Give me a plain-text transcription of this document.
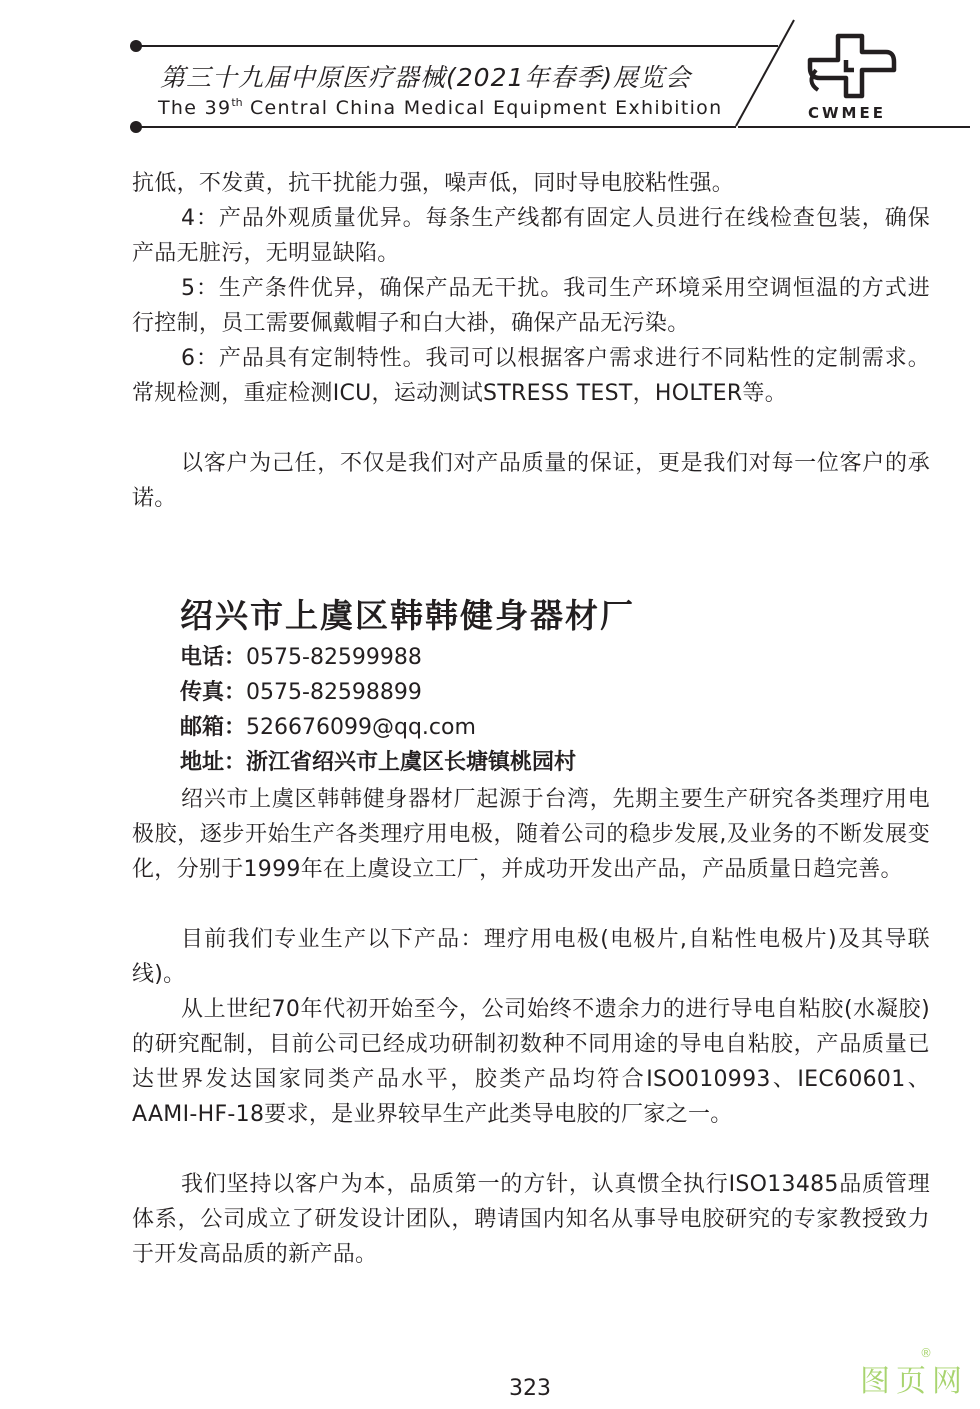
第三十九届中原医疗器械(2021年春季)展览会
The 39th Central China Medical Equipment Exhibition	CWMEE

抗低，不发黄，抗干扰能力强，噪声低，同时导电胶粘性强。

4：产品外观质量优异。每条生产线都有固定人员进行在线检查包装，确保产品无脏污，无明显缺陷。

5：生产条件优异，确保产品无干扰。我司生产环境采用空调恒温的方式进行控制，员工需要佩戴帽子和白大褂，确保产品无污染。

6：产品具有定制特性。我司可以根据客户需求进行不同粘性的定制需求。常规检测，重症检测ICU，运动测试STRESS TEST，HOLTER等。

以客户为己任，不仅是我们对产品质量的保证，更是我们对每一位客户的承诺。

绍兴市上虞区韩韩健身器材厂
电话：0575-82599988
传真：0575-82598899
邮箱：526676099@qq.com
地址：浙江省绍兴市上虞区长塘镇桃园村

绍兴市上虞区韩韩健身器材厂起源于台湾，先期主要生产研究各类理疗用电极胶，逐步开始生产各类理疗用电极，随着公司的稳步发展,及业务的不断发展变化，分别于1999年在上虞设立工厂，并成功开发出产品，产品质量日趋完善。

目前我们专业生产以下产品：理疗用电极(电极片,自粘性电极片)及其导联线)。

从上世纪70年代初开始至今，公司始终不遗余力的进行导电自粘胶(水凝胶)的研究配制，目前公司已经成功研制初数种不同用途的导电自粘胶，产品质量已达世界发达国家同类产品水平，胶类产品均符合ISO010993、IEC60601、AAMI-HF-18要求，是业界较早生产此类导电胶的厂家之一。

我们坚持以客户为本，品质第一的方针，认真惯全执行ISO13485品质管理体系，公司成立了研发设计团队，聘请国内知名从事导电胶研究的专家教授致力于开发高品质的新产品。

323	图页网
®
